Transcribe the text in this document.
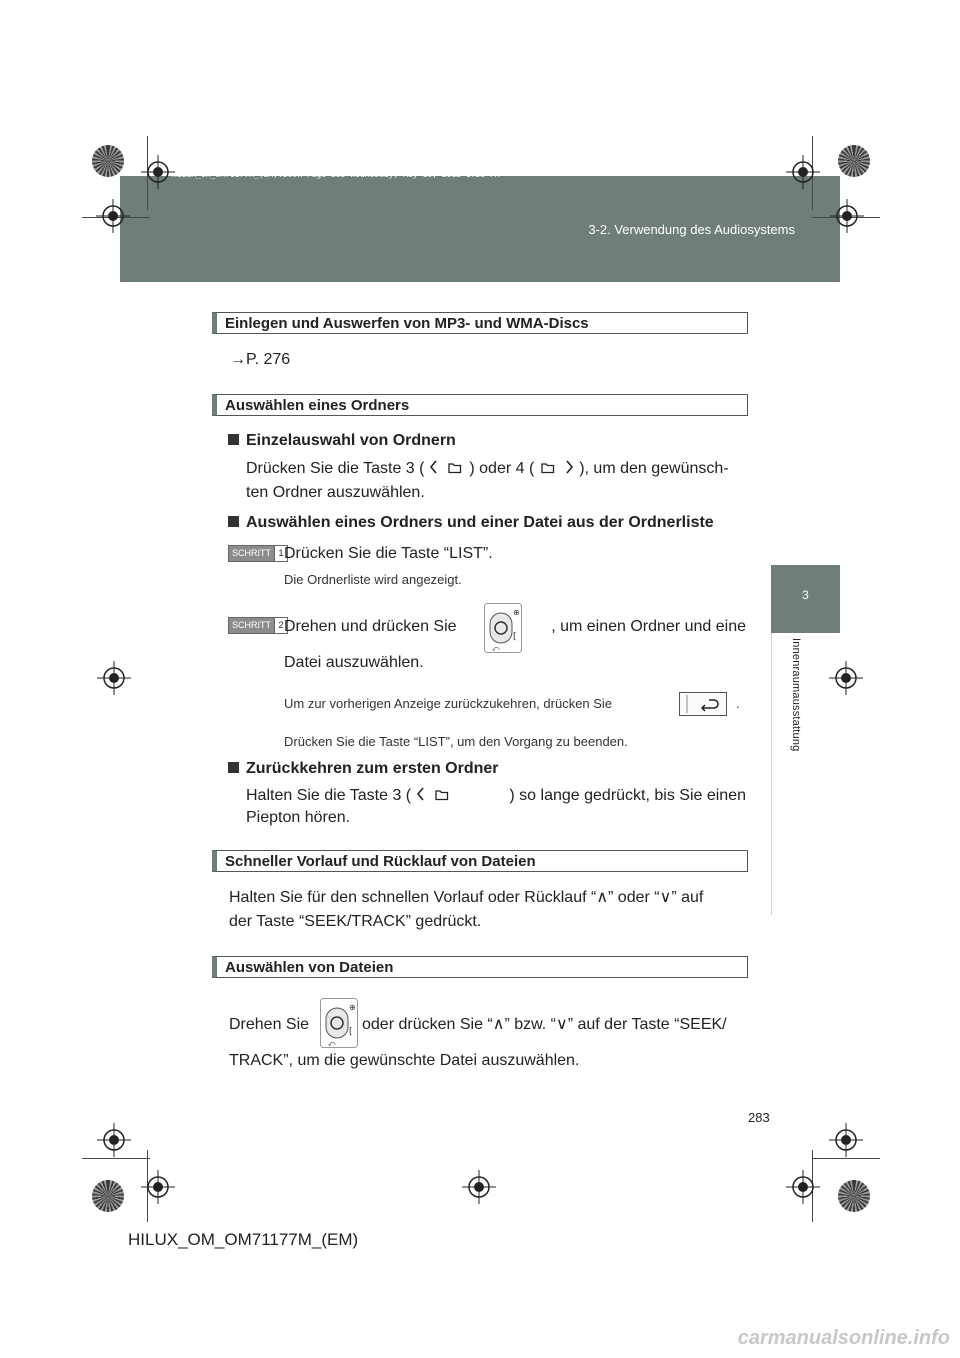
HILUX_OM_OM71177M_(EM).book Page 283 Wednesday, May 16, 2012 1:28 PM
3-2. Verwendung des Audiosystems
3
Innenraumausstattung
Einlegen und Auswerfen von MP3- und WMA-Discs
→P. 276
Auswählen eines Ordners
Einzelauswahl von Ordnern
Drücken Sie die Taste 3 (	) oder 4 (	), um den gewünsch-
ten Ordner auszuwählen.
Auswählen eines Ordners und einer Datei aus der Ordnerliste
SCHRITT 1 Drücken Sie die Taste “LIST”.
Die Ordnerliste wird angezeigt.
SCHRITT 2 Drehen und drücken Sie	, um einen Ordner und eine
⊕
[
⤺
Datei auszuwählen.
Um zur vorherigen Anzeige zurückzukehren, drücken Sie	.
Drücken Sie die Taste “LIST”, um den Vorgang zu beenden.
Zurückkehren zum ersten Ordner
Halten Sie die Taste 3 (	) so lange gedrückt, bis Sie einen
Piepton hören.
Schneller Vorlauf und Rücklauf von Dateien
Halten Sie für den schnellen Vorlauf oder Rücklauf “∧” oder “∨” auf
der Taste “SEEK/TRACK” gedrückt.
Auswählen von Dateien
Drehen Sie
⊕
[
⤺
oder drücken Sie “∧” bzw. “∨” auf der Taste “SEEK/
TRACK”, um die gewünschte Datei auszuwählen.
283
HILUX_OM_OM71177M_(EM)
carmanualsonline.info
